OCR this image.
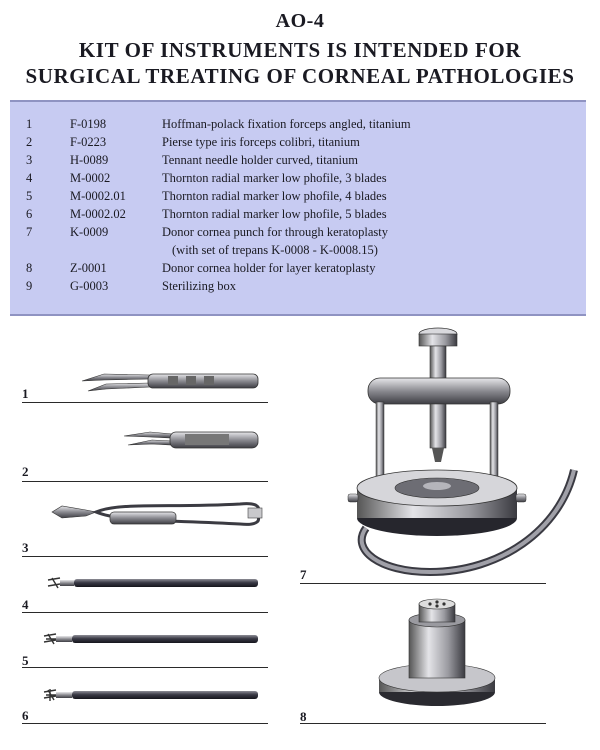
AO-4
KIT OF INSTRUMENTS IS INTENDED FOR
SURGICAL TREATING OF CORNEAL PATHOLOGIES
1	F-0198	Hoffman-polack fixation forceps angled, titanium
2	F-0223	Pierse type iris forceps colibri, titanium
3	H-0089	Tennant needle holder curved, titanium
4	M-0002	Thornton radial marker low phofile, 3 blades
5	M-0002.01	Thornton radial marker low phofile, 4 blades
6	M-0002.02	Thornton radial marker low phofile, 5 blades
7	K-0009	Donor cornea punch for through keratoplasty
(with set of trepans K-0008 - K-0008.15)
8	Z-0001	Donor cornea holder for layer keratoplasty
9	G-0003	Sterilizing box
1
2
3
4
5
6
7
8
